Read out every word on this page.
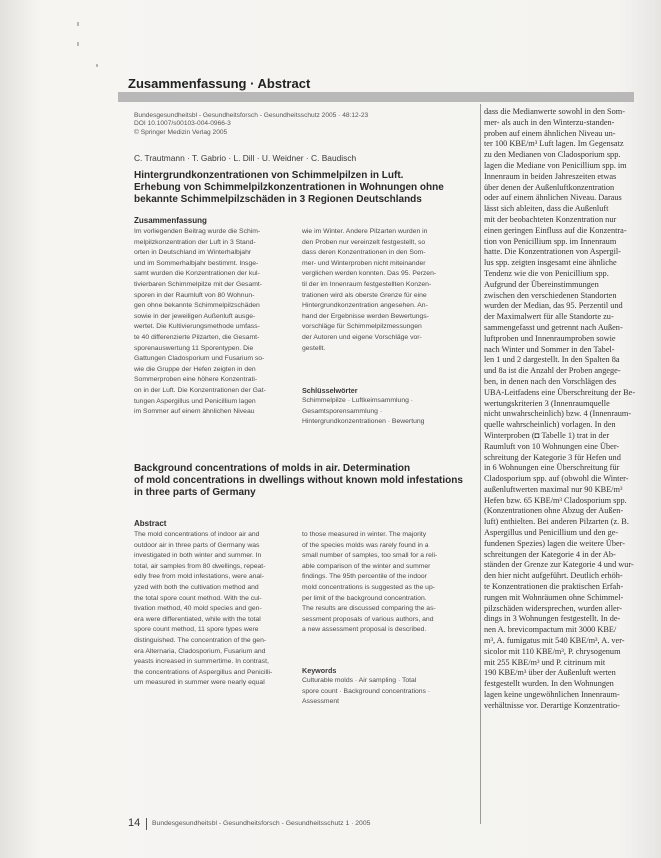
Zusammenfassung · Abstract
Bundesgesundheitsbl - Gesundheitsforsch - Gesundheitsschutz 2005 · 48:12-23
DOI 10.1007/s00103-004-0966-3
© Springer Medizin Verlag 2005
C. Trautmann · T. Gabrio · L. Dill · U. Weidner · C. Baudisch
Hintergrundkonzentrationen von Schimmelpilzen in Luft.
Erhebung von Schimmelpilzkonzentrationen in Wohnungen ohne
bekannte Schimmelpilzschäden in 3 Regionen Deutschlands
Zusammenfassung
Im vorliegenden Beitrag wurde die Schim-
melpilzkonzentration der Luft in 3 Stand-
orten in Deutschland im Winterhalbjahr
und im Sommerhalbjahr bestimmt. Insge-
samt wurden die Konzentrationen der kul-
tivierbaren Schimmelpilze mit der Gesamt-
sporen in der Raumluft von 80 Wohnun-
gen ohne bekannte Schimmelpilzschäden
sowie in der jeweiligen Außenluft ausge-
wertet. Die Kultivierungsmethode umfass-
te 40 differenzierte Pilzarten, die Gesamt-
sporenauswertung 11 Sporentypen. Die
Gattungen Cladosporium und Fusarium so-
wie die Gruppe der Hefen zeigten in den
Sommerproben eine höhere Konzentrati-
on in der Luft. Die Konzentrationen der Gat-
tungen Aspergillus und Penicillium lagen
im Sommer auf einem ähnlichen Niveau
wie im Winter. Andere Pilzarten wurden in
den Proben nur vereinzelt festgestellt, so
dass deren Konzentrationen in den Som-
mer- und Winterproben nicht miteinander
verglichen werden konnten. Das 95. Perzen-
til der im Innenraum festgestellten Konzen-
trationen wird als oberste Grenze für eine
Hintergrundkonzentration angesehen. An-
hand der Ergebnisse werden Bewertungs-
vorschläge für Schimmelpilzmessungen
der Autoren und eigene Vorschläge vor-
gestellt.
Schlüsselwörter
Schimmelpilze · Luftkeimsammlung ·
Gesamtsporensammlung ·
Hintergrundkonzentrationen · Bewertung
Background concentrations of molds in air. Determination
of mold concentrations in dwellings without known mold infestations
in three parts of Germany
Abstract
The mold concentrations of indoor air and
outdoor air in three parts of Germany was
investigated in both winter and summer. In
total, air samples from 80 dwellings, repeat-
edly free from mold infestations, were anal-
yzed with both the cultivation method and
the total spore count method. With the cul-
tivation method, 40 mold species and gen-
era were differentiated, while with the total
spore count method, 11 spore types were
distinguished. The concentration of the gen-
era Alternaria, Cladosporium, Fusarium and
yeasts increased in summertime. In contrast,
the concentrations of Aspergillus and Penicilli-
um measured in summer were nearly equal
to those measured in winter. The majority
of the species molds was rarely found in a
small number of samples, too small for a reli-
able comparison of the winter and summer
findings. The 95th percentile of the indoor
mold concentrations is suggested as the up-
per limit of the background concentration.
The results are discussed comparing the as-
sessment proposals of various authors, and
a new assessment proposal is described.
Keywords
Culturable molds · Air sampling · Total
spore count · Background concentrations ·
Assessment
dass die Medianwerte sowohl in den Som-
mer- als auch in den Winterzu-standen-
proben auf einem ähnlichen Niveau un-
ter 100 KBE/m³ Luft lagen. Im Gegensatz
zu den Medianen von Cladosporium spp.
lagen die Mediane von Penicillium spp. im
Innenraum in beiden Jahreszeiten etwas
über denen der Außenluftkonzentration
oder auf einem ähnlichen Niveau. Daraus
lässt sich ableiten, dass die Außenluft
mit der beobachteten Konzentration nur
einen geringen Einfluss auf die Konzentra-
tion von Penicillium spp. im Innenraum
hatte. Die Konzentrationen von Aspergil-
lus spp. zeigten insgesamt eine ähnliche
Tendenz wie die von Penicillium spp.
Aufgrund der Übereinstimmungen
zwischen den verschiedenen Standorten
wurden der Median, das 95. Perzentil und
der Maximalwert für alle Standorte zu-
sammengefasst und getrennt nach Außen-
luftproben und Innenraumproben sowie
nach Winter und Sommer in den Tabel-
len 1 und 2 dargestellt. In den Spalten 8a
und 8a ist die Anzahl der Proben angege-
ben, in denen nach den Vorschlägen des
UBA-Leitfadens eine Überschreitung der Be-
wertungskriterien 3 (Innenraumquelle
nicht unwahrscheinlich) bzw. 4 (Innenraum-
quelle wahrscheinlich) vorlagen. In den
Winterproben (◘ Tabelle 1) trat in der
Raumluft von 10 Wohnungen eine Über-
schreitung der Kategorie 3 für Hefen und
in 6 Wohnungen eine Überschreitung für
Cladosporium spp. auf (obwohl die Winter-
außenluftwerten maximal nur 90 KBE/m³
Hefen bzw. 65 KBE/m³ Cladosporium spp.
(Konzentrationen ohne Abzug der Außen-
luft) enthielten. Bei anderen Pilzarten (z. B.
Aspergillus und Penicillium und den ge-
fundenen Spezies) lagen die weitere Über-
schreitungen der Kategorie 4 in der Ab-
ständen der Grenze zur Kategorie 4 und wur-
den hier nicht aufgeführt. Deutlich erhöh-
te Konzentrationen die praktischen Erfah-
rungen mit Wohnräumen ohne Schimmel-
pilzschäden widersprechen, wurden aller-
dings in 3 Wohnungen festgestellt. In de-
nen A. brevicompactum mit 3000 KBE/
m³, A. fumigatus mit 540 KBE/m³, A. ver-
sicolor mit 110 KBE/m³, P. chrysogenum
mit 255 KBE/m³ und P. citrinum mit
190 KBE/m³ über der Außenluft werten
festgestellt wurden. In den Wohnungen
lagen keine ungewöhnlichen Innenraum-
verhältnisse vor. Derartige Konzentratio-
14 Bundesgesundheitsbl - Gesundheitsforsch - Gesundheitsschutz 1 · 2005
